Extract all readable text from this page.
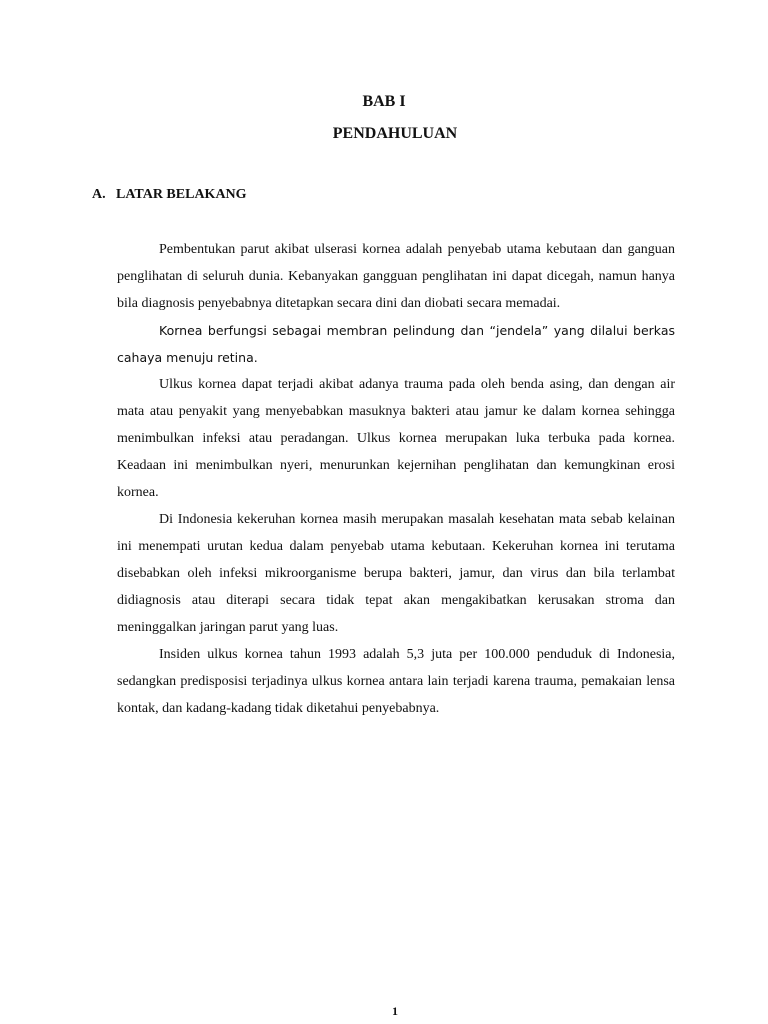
BAB I
PENDAHULUAN
A. LATAR BELAKANG

Pembentukan parut akibat ulserasi kornea adalah penyebab utama kebutaan dan ganguan penglihatan di seluruh dunia. Kebanyakan gangguan penglihatan ini dapat dicegah, namun hanya bila diagnosis penyebabnya ditetapkan secara dini dan diobati secara memadai.

Kornea berfungsi sebagai membran pelindung dan “jendela” yang dilalui berkas cahaya menuju retina.

Ulkus kornea dapat terjadi akibat adanya trauma pada oleh benda asing, dan dengan air mata atau penyakit yang menyebabkan masuknya bakteri atau jamur ke dalam kornea sehingga menimbulkan infeksi atau peradangan. Ulkus kornea merupakan luka terbuka pada kornea. Keadaan ini menimbulkan nyeri, menurunkan kejernihan penglihatan dan kemungkinan erosi kornea.

Di Indonesia kekeruhan kornea masih merupakan masalah kesehatan mata sebab kelainan ini menempati urutan kedua dalam penyebab utama kebutaan. Kekeruhan kornea ini terutama disebabkan oleh infeksi mikroorganisme berupa bakteri, jamur, dan virus dan bila terlambat didiagnosis atau diterapi secara tidak tepat akan mengakibatkan kerusakan stroma dan meninggalkan jaringan parut yang luas.

Insiden ulkus kornea tahun 1993 adalah 5,3 juta per 100.000 penduduk di Indonesia, sedangkan predisposisi terjadinya ulkus kornea antara lain terjadi karena trauma, pemakaian lensa kontak, dan kadang-kadang tidak diketahui penyebabnya.

1
